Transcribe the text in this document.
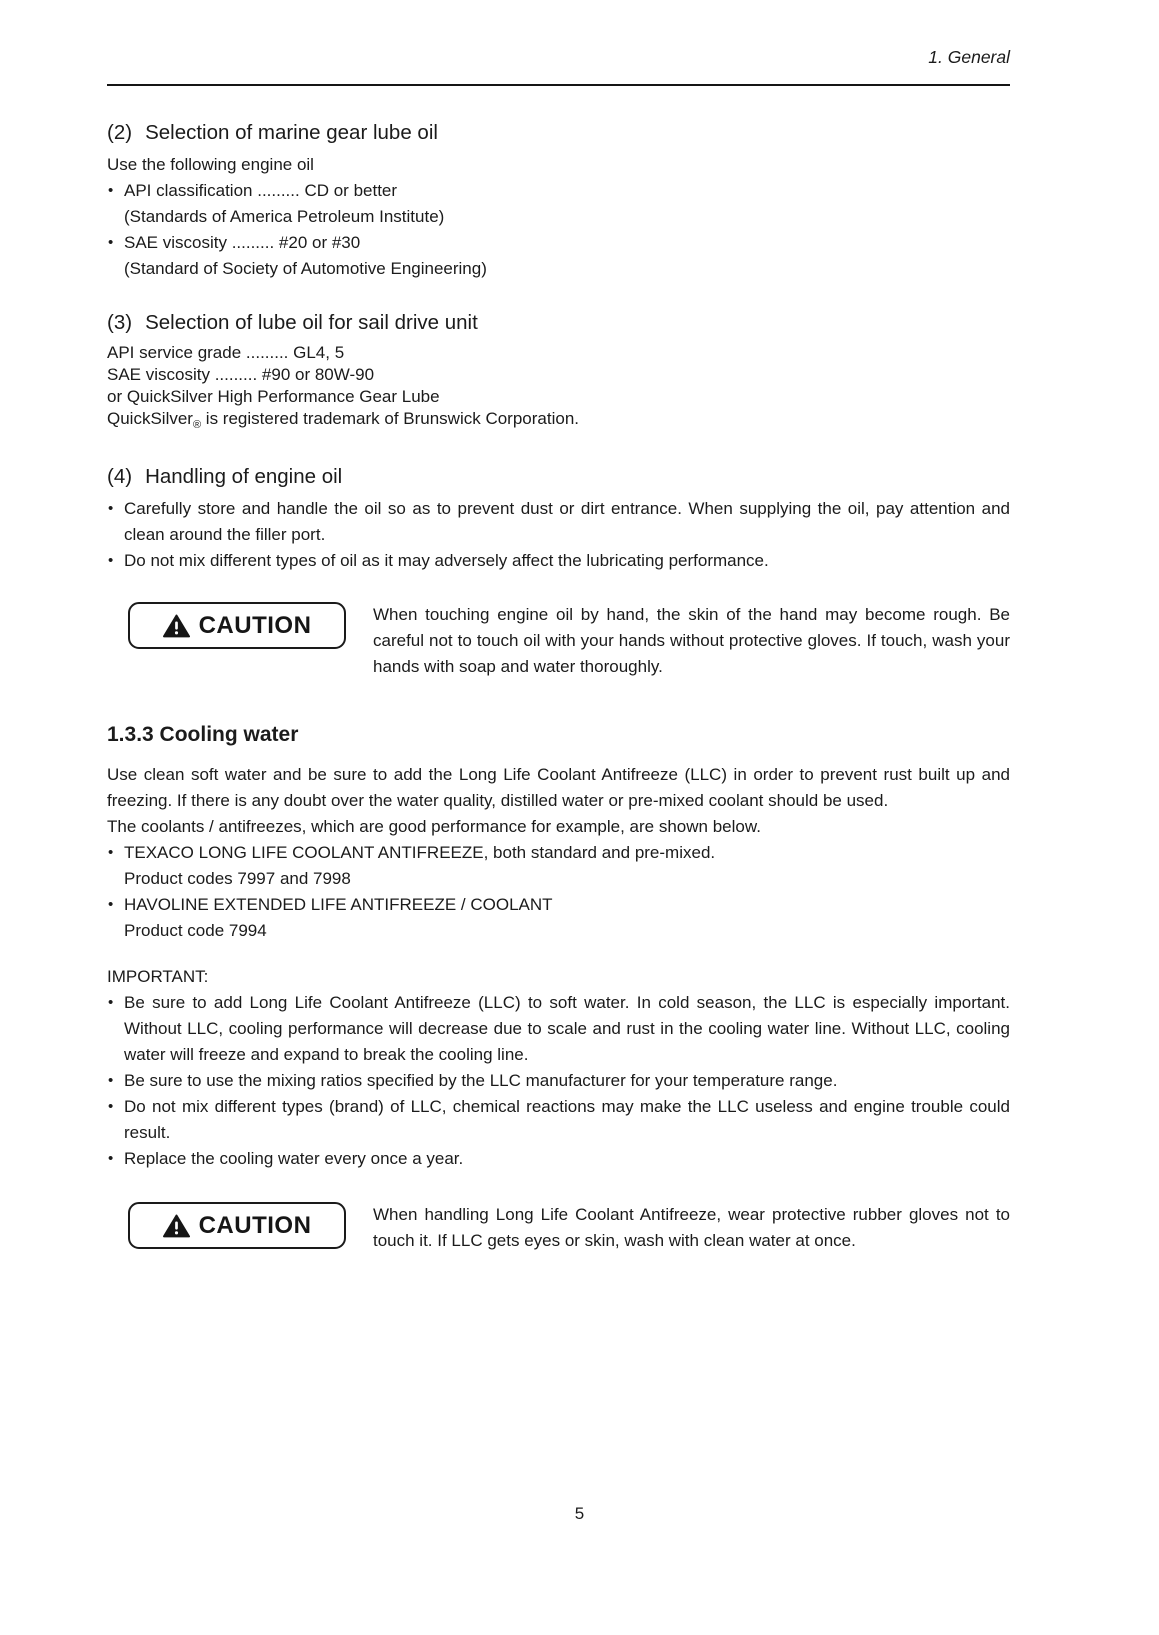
1. General
(2) Selection of marine gear lube oil
Use the following engine oil
• API classification ......... CD or better
(Standards of America Petroleum Institute)
• SAE viscosity ......... #20 or #30
(Standard of Society of Automotive Engineering)
(3) Selection of lube oil for sail drive unit
API service grade ......... GL4, 5
SAE viscosity ......... #90 or 80W-90
or QuickSilver High Performance Gear Lube
QuickSilver$_®$ is registered trademark of Brunswick Corporation.
(4) Handling of engine oil
• Carefully store and handle the oil so as to prevent dust or dirt entrance. When supplying the oil, pay attention and clean around the filler port.
• Do not mix different types of oil as it may adversely affect the lubricating performance.
CAUTION	When touching engine oil by hand, the skin of the hand may become rough. Be careful not to touch oil with your hands without protective gloves. If touch, wash your hands with soap and water thoroughly.
1.3.3 Cooling water
Use clean soft water and be sure to add the Long Life Coolant Antifreeze (LLC) in order to prevent rust built up and freezing. If there is any doubt over the water quality, distilled water or pre-mixed coolant should be used.
The coolants / antifreezes, which are good performance for example, are shown below.
• TEXACO LONG LIFE COOLANT ANTIFREEZE, both standard and pre-mixed.
Product codes 7997 and 7998
• HAVOLINE EXTENDED LIFE ANTIFREEZE / COOLANT
Product code 7994
IMPORTANT:
• Be sure to add Long Life Coolant Antifreeze (LLC) to soft water. In cold season, the LLC is especially important. Without LLC, cooling performance will decrease due to scale and rust in the cooling water line. Without LLC, cooling water will freeze and expand to break the cooling line.
• Be sure to use the mixing ratios specified by the LLC manufacturer for your temperature range.
• Do not mix different types (brand) of LLC, chemical reactions may make the LLC useless and engine trouble could result.
• Replace the cooling water every once a year.
CAUTION	When handling Long Life Coolant Antifreeze, wear protective rubber gloves not to touch it. If LLC gets eyes or skin, wash with clean water at once.
5
